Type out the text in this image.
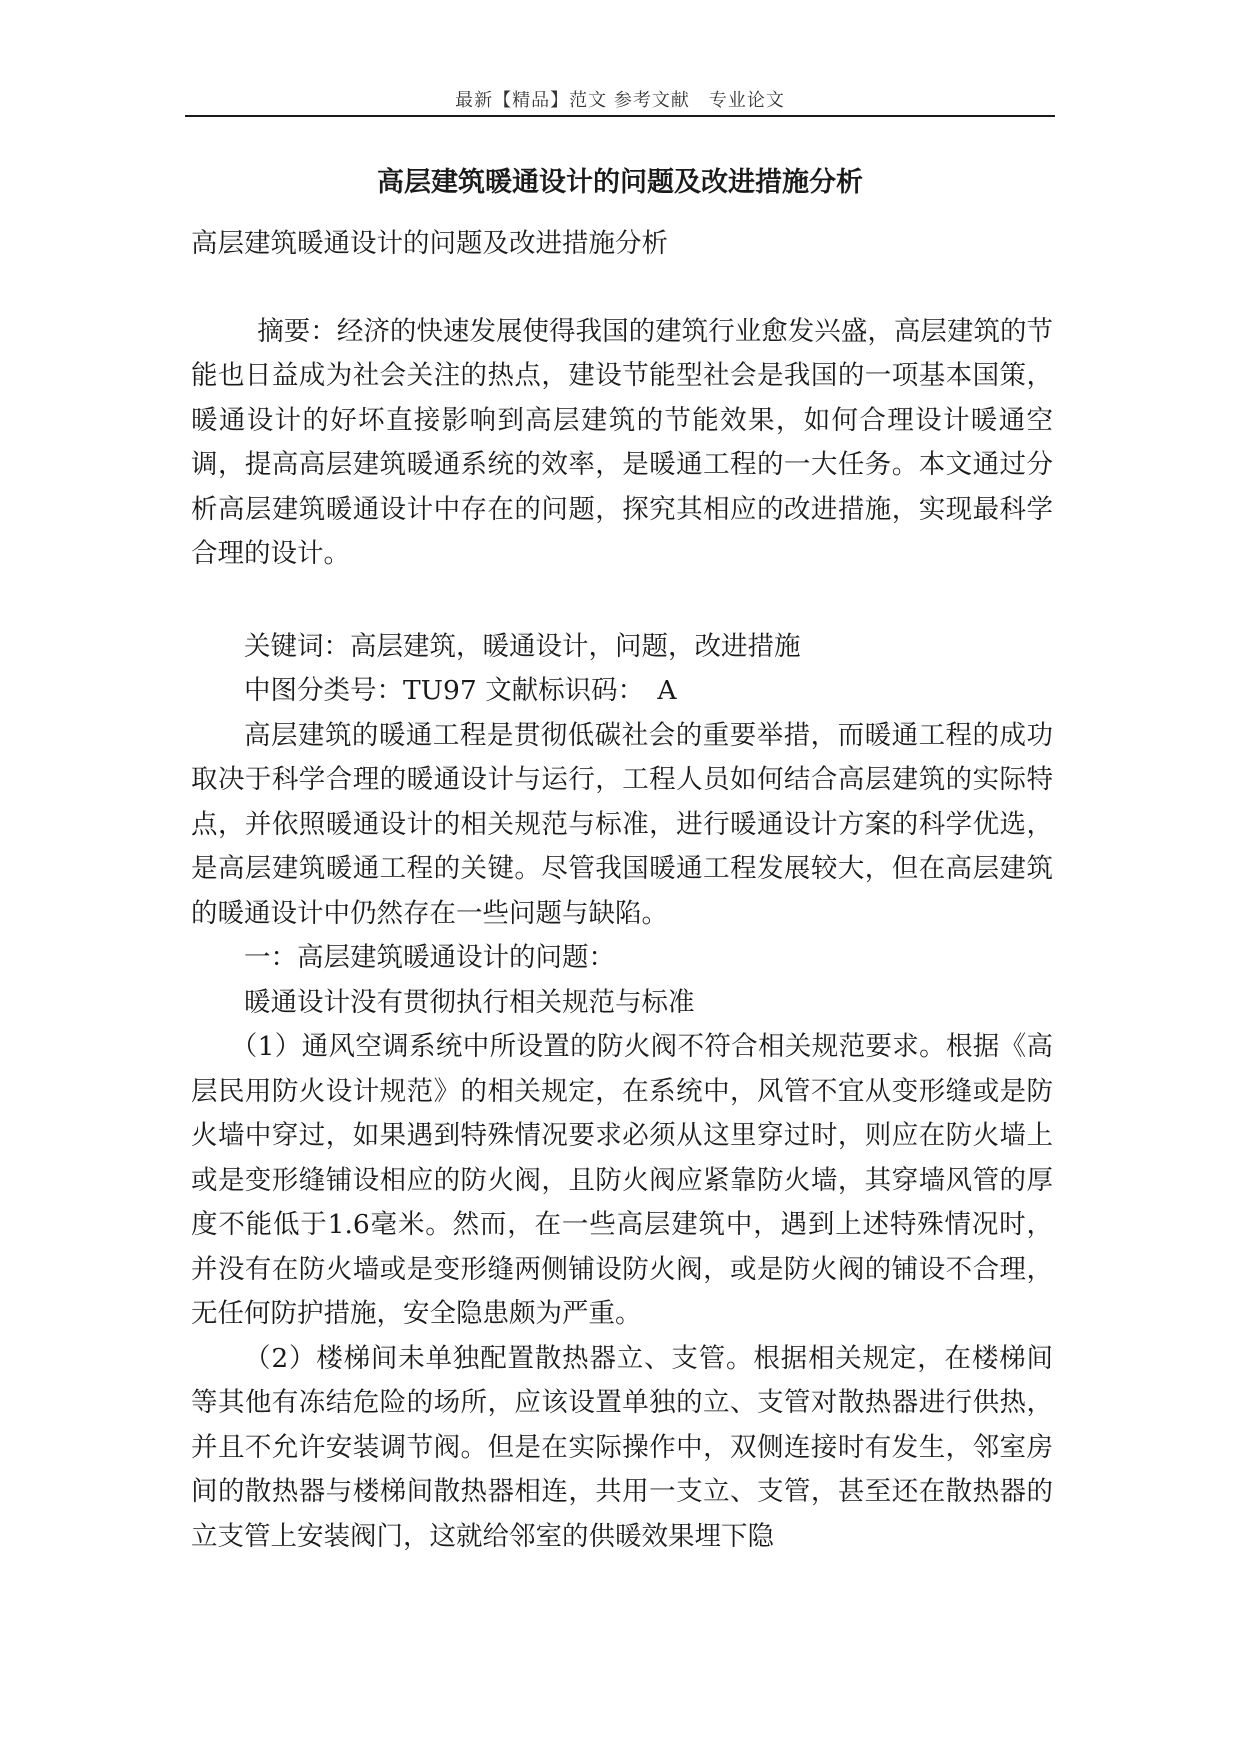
最新【精品】范文 参考文献　专业论文
高层建筑暖通设计的问题及改进措施分析

高层建筑暖通设计的问题及改进措施分析

摘要：经济的快速发展使得我国的建筑行业愈发兴盛，高层建筑的节能也日益成为社会关注的热点，建设节能型社会是我国的一项基本国策，暖通设计的好坏直接影响到高层建筑的节能效果，如何合理设计暖通空调，提高高层建筑暖通系统的效率，是暖通工程的一大任务。本文通过分析高层建筑暖通设计中存在的问题，探究其相应的改进措施，实现最科学合理的设计。

关键词：高层建筑，暖通设计，问题，改进措施

中图分类号：TU97 文献标识码：　A

高层建筑的暖通工程是贯彻低碳社会的重要举措，而暖通工程的成功取决于科学合理的暖通设计与运行，工程人员如何结合高层建筑的实际特点，并依照暖通设计的相关规范与标准，进行暖通设计方案的科学优选，是高层建筑暖通工程的关键。尽管我国暖通工程发展较大，但在高层建筑的暖通设计中仍然存在一些问题与缺陷。

一：高层建筑暖通设计的问题：

暖通设计没有贯彻执行相关规范与标准

（1）通风空调系统中所设置的防火阀不符合相关规范要求。根据《高层民用防火设计规范》的相关规定，在系统中，风管不宜从变形缝或是防火墙中穿过，如果遇到特殊情况要求必须从这里穿过时，则应在防火墙上或是变形缝铺设相应的防火阀，且防火阀应紧靠防火墙，其穿墙风管的厚度不能低于1.6毫米。然而，在一些高层建筑中，遇到上述特殊情况时，并没有在防火墙或是变形缝两侧铺设防火阀，或是防火阀的铺设不合理，无任何防护措施，安全隐患颇为严重。

（2）楼梯间未单独配置散热器立、支管。根据相关规定，在楼梯间等其他有冻结危险的场所，应该设置单独的立、支管对散热器进行供热，并且不允许安装调节阀。但是在实际操作中，双侧连接时有发生，邻室房间的散热器与楼梯间散热器相连，共用一支立、支管，甚至还在散热器的立支管上安装阀门，这就给邻室的供暖效果埋下隐
